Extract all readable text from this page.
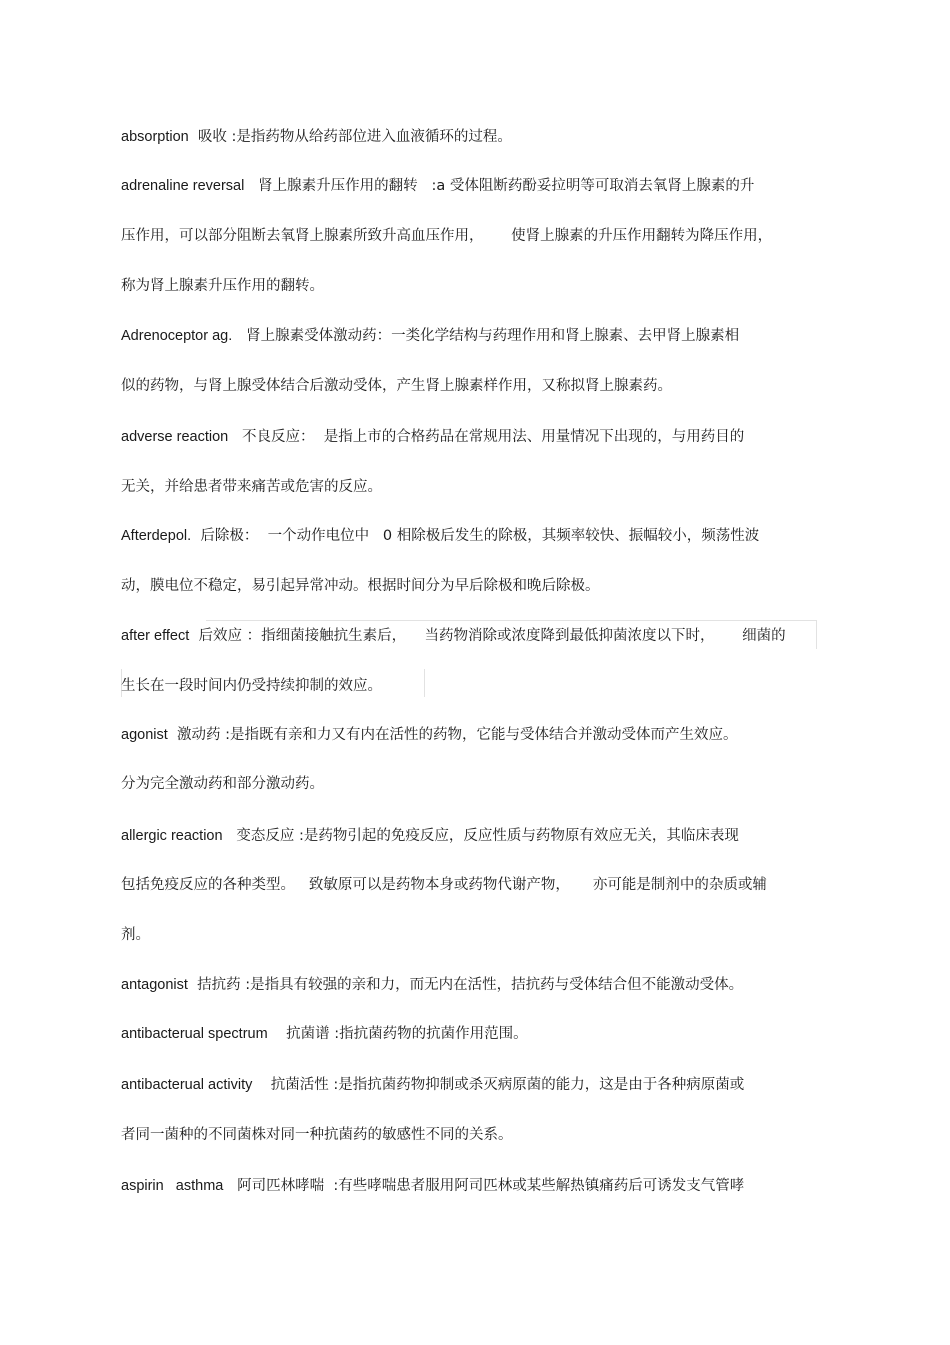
absorption  吸收 :是指药物从给药部位进入血液循环的过程。
adrenaline reversal   肾上腺素升压作用的翻转   :a 受体阻断药酚妥拉明等可取消去氧肾上腺素的升
压作用，可以部分阻断去氧肾上腺素所致升高血压作用，      使肾上腺素的升压作用翻转为降压作用，
称为肾上腺素升压作用的翻转。
Adrenoceptor ag.   肾上腺素受体激动药：一类化学结构与药理作用和肾上腺素、去甲肾上腺素相
似的药物，与肾上腺受体结合后激动受体，产生肾上腺素样作用，又称拟肾上腺素药。
adverse reaction   不良反应：  是指上市的合格药品在常规用法、用量情况下出现的，与用药目的
无关，并给患者带来痛苦或危害的反应。
Afterdepol.  后除极：  一个动作电位中   0 相除极后发生的除极，其频率较快、振幅较小，频荡性波
动，膜电位不稳定，易引起异常冲动。根据时间分为早后除极和晚后除极。
after effect  后效应 ：指细菌接触抗生素后，    当药物消除或浓度降到最低抑菌浓度以下时，      细菌的
生长在一段时间内仍受持续抑制的效应。
agonist  激动药 :是指既有亲和力又有内在活性的药物，它能与受体结合并激动受体而产生效应。
分为完全激动药和部分激动药。
allergic reaction   变态反应 :是药物引起的免疫反应，反应性质与药物原有效应无关，其临床表现
包括免疫反应的各种类型。   致敏原可以是药物本身或药物代谢产物，     亦可能是制剂中的杂质或辅
剂。
antagonist  拮抗药 :是指具有较强的亲和力，而无内在活性，拮抗药与受体结合但不能激动受体。
antibacterual spectrum    抗菌谱 :指抗菌药物的抗菌作用范围。
antibacterual activity    抗菌活性 :是指抗菌药物抑制或杀灭病原菌的能力，这是由于各种病原菌或
者同一菌种的不同菌株对同一种抗菌药的敏感性不同的关系。
aspirin   asthma   阿司匹林哮喘  :有些哮喘患者服用阿司匹林或某些解热镇痛药后可诱发支气管哮
